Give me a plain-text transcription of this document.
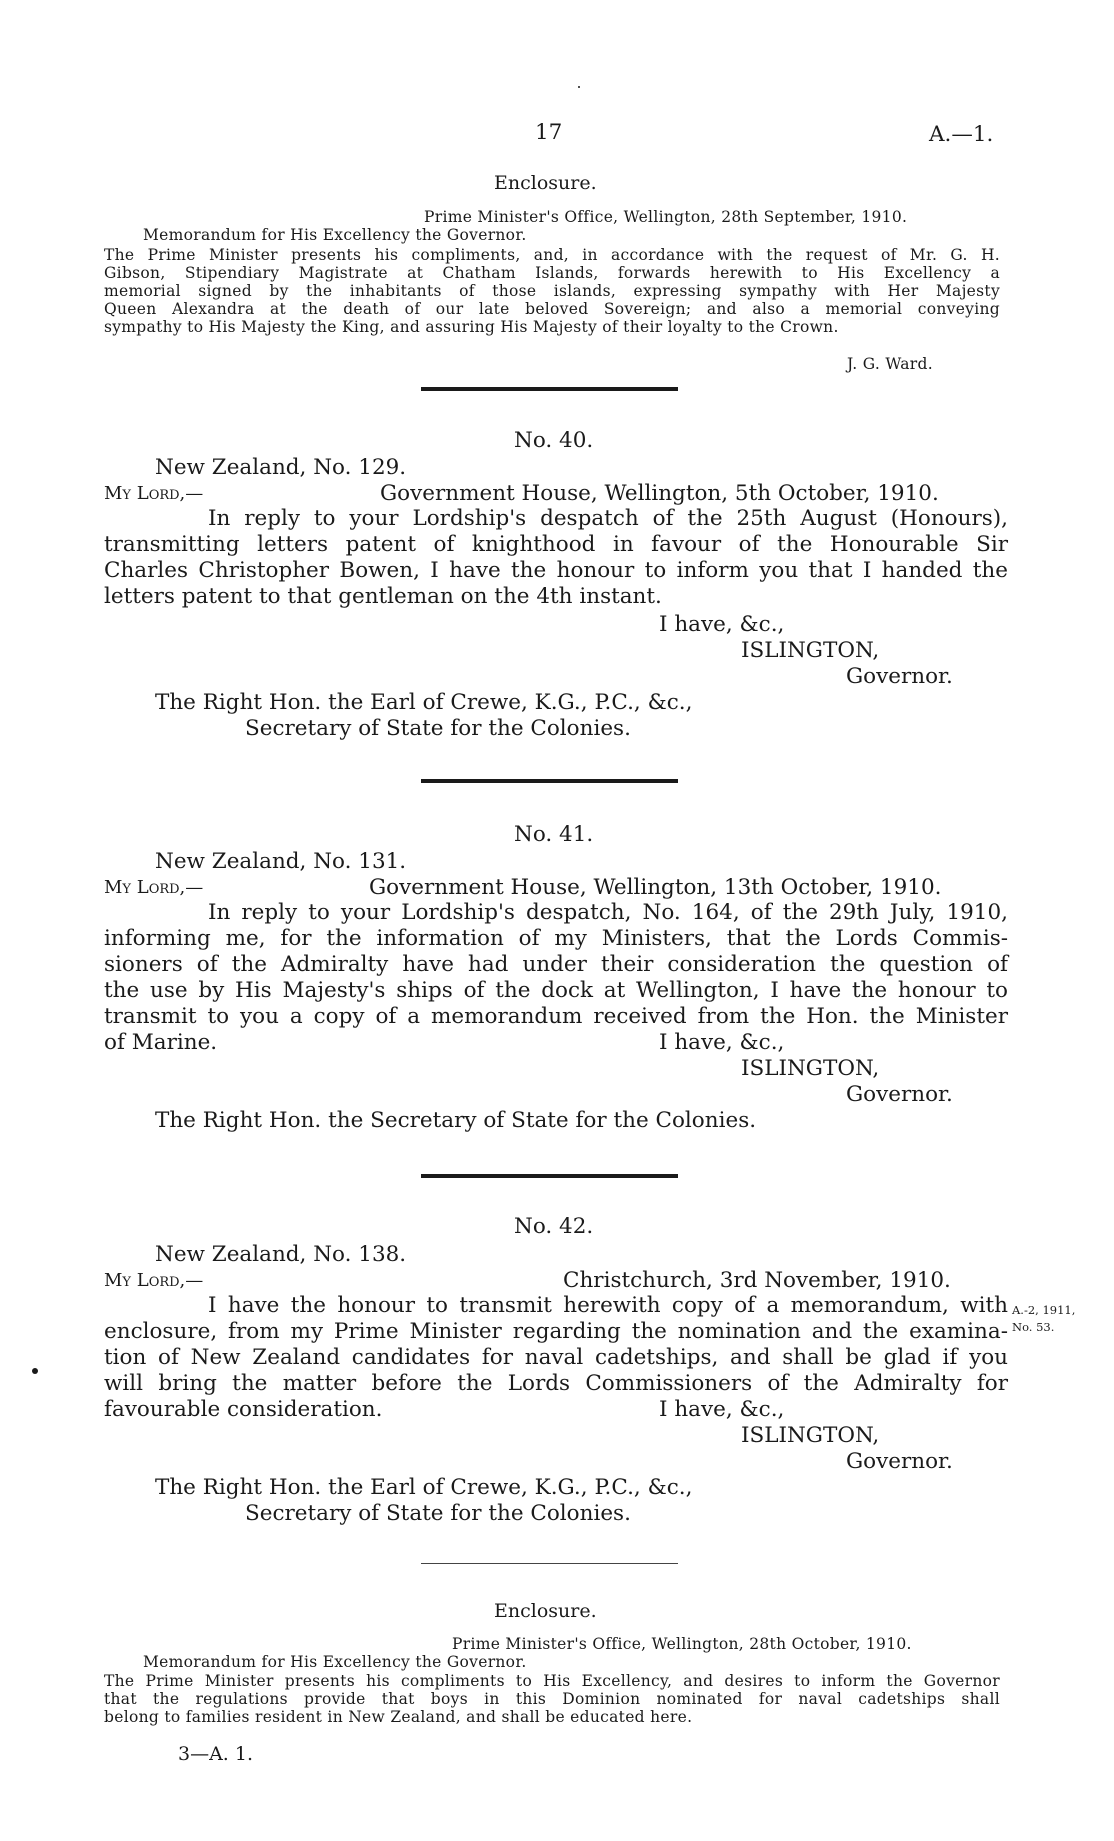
17	A.—1.
Enclosure.
Prime Minister's Office, Wellington, 28th September, 1910.
Memorandum for His Excellency the Governor.
The Prime Minister presents his compliments, and, in accordance with the request of Mr. G. H.
Gibson, Stipendiary Magistrate at Chatham Islands, forwards herewith to His Excellency a
memorial signed by the inhabitants of those islands, expressing sympathy with Her Majesty
Queen Alexandra at the death of our late beloved Sovereign; and also a memorial conveying
sympathy to His Majesty the King, and assuring His Majesty of their loyalty to the Crown.
J. G. Ward.
No. 40.
New Zealand, No. 129.
My Lord,—	Government House, Wellington, 5th October, 1910.
In reply to your Lordship's despatch of the 25th August (Honours),
transmitting letters patent of knighthood in favour of the Honourable Sir
Charles Christopher Bowen, I have the honour to inform you that I handed the
letters patent to that gentleman on the 4th instant.
I have, &c.,
ISLINGTON,
Governor.
The Right Hon. the Earl of Crewe, K.G., P.C., &c.,
Secretary of State for the Colonies.
No. 41.
New Zealand, No. 131.
My Lord,—	Government House, Wellington, 13th October, 1910.
In reply to your Lordship's despatch, No. 164, of the 29th July, 1910,
informing me, for the information of my Ministers, that the Lords Commis-
sioners of the Admiralty have had under their consideration the question of
the use by His Majesty's ships of the dock at Wellington, I have the honour to
transmit to you a copy of a memorandum received from the Hon. the Minister
of Marine.	I have, &c.,
ISLINGTON,
Governor.
The Right Hon. the Secretary of State for the Colonies.
No. 42.
New Zealand, No. 138.
My Lord,—	Christchurch, 3rd November, 1910.
I have the honour to transmit herewith copy of a memorandum, with
enclosure, from my Prime Minister regarding the nomination and the examina-
tion of New Zealand candidates for naval cadetships, and shall be glad if you
will bring the matter before the Lords Commissioners of the Admiralty for
favourable consideration.	I have, &c.,
ISLINGTON,
Governor.
The Right Hon. the Earl of Crewe, K.G., P.C., &c.,
Secretary of State for the Colonies.
A.-2, 1911,
No. 53.
Enclosure.
Prime Minister's Office, Wellington, 28th October, 1910.
Memorandum for His Excellency the Governor.
The Prime Minister presents his compliments to His Excellency, and desires to inform the Governor
that the regulations provide that boys in this Dominion nominated for naval cadetships shall
belong to families resident in New Zealand, and shall be educated here.
3—A. 1.
